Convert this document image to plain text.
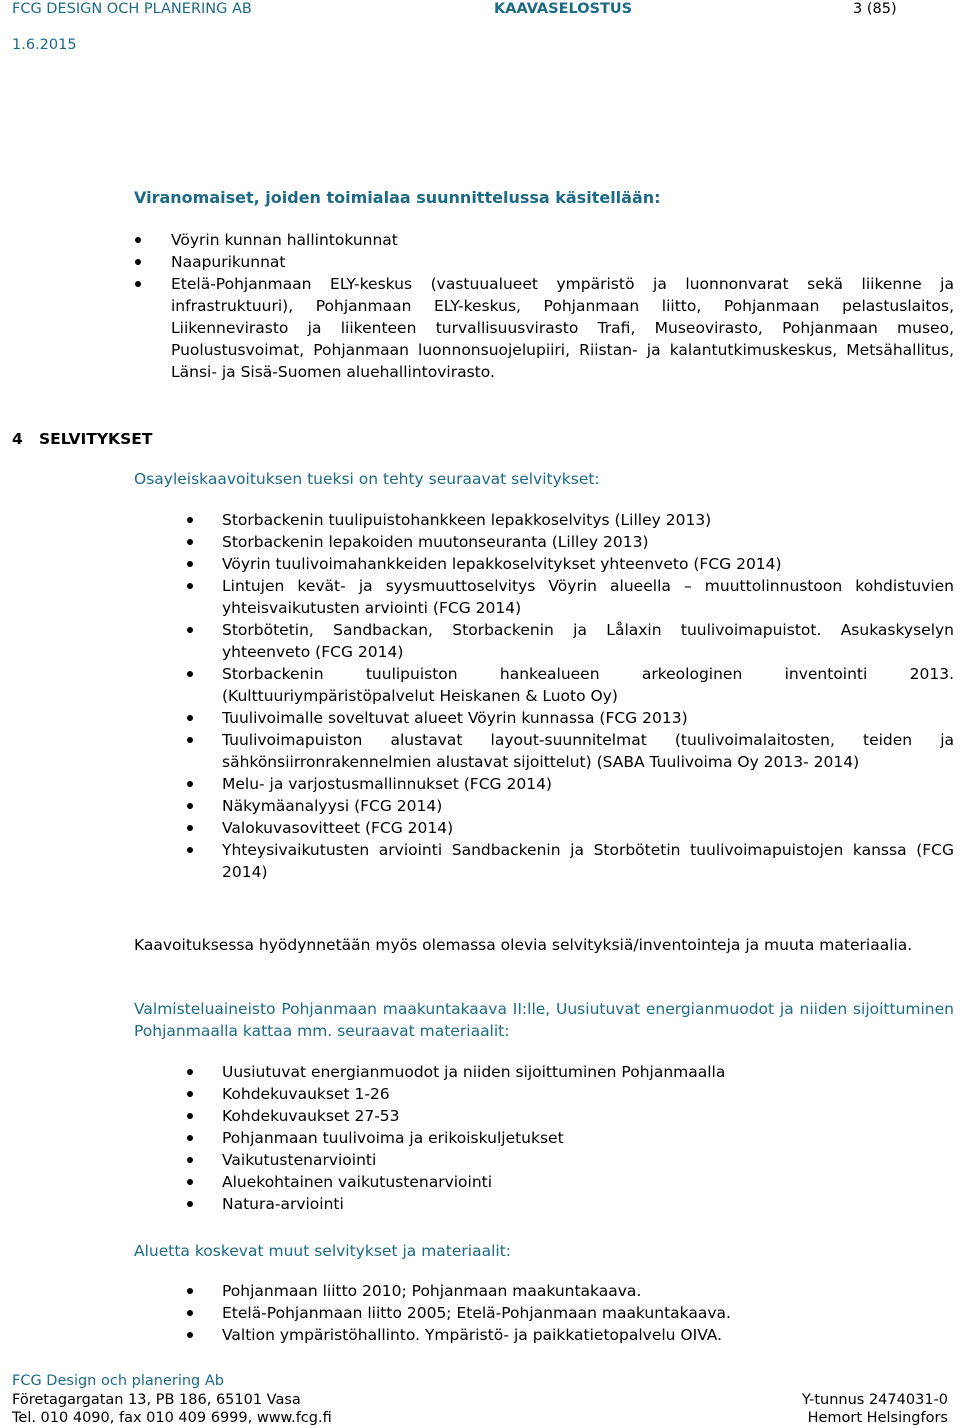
FCG DESIGN OCH PLANERING AB	KAAVASELOSTUS	3 (85)
1.6.2015
Viranomaiset, joiden toimialaa suunnittelussa käsitellään:
Vöyrin kunnan hallintokunnat
Naapurikunnat
Etelä-Pohjanmaan ELY-keskus (vastuualueet ympäristö ja luonnonvarat sekä liikenne ja infrastruktuuri), Pohjanmaan ELY-keskus, Pohjanmaan liitto, Pohjanmaan pelastuslaitos, Liikennevirasto ja liikenteen turvallisuusvirasto Trafi, Museovirasto, Pohjanmaan museo, Puolustusvoimat, Pohjanmaan luonnonsuojelupiiri, Riistan- ja kalantutkimuskeskus, Metsähallitus, Länsi- ja Sisä-Suomen aluehallintovirasto.
4 SELVITYKSET
Osayleiskaavoituksen tueksi on tehty seuraavat selvitykset:
Storbackenin tuulipuistohankkeen lepakkoselvitys (Lilley 2013)
Storbackenin lepakoiden muutonseuranta (Lilley 2013)
Vöyrin tuulivoimahankkeiden lepakkoselvitykset yhteenveto (FCG 2014)
Lintujen kevät- ja syysmuuttoselvitys Vöyrin alueella – muuttolinnustoon kohdistuvien yhteisvaikutusten arviointi (FCG 2014)
Storbötetin, Sandbackan, Storbackenin ja Lålaxin tuulivoimapuistot. Asukaskyselyn yhteenveto (FCG 2014)
Storbackenin tuulipuiston hankealueen arkeologinen inventointi 2013. (Kulttuuriympäristöpalvelut Heiskanen & Luoto Oy)
Tuulivoimalle soveltuvat alueet Vöyrin kunnassa (FCG 2013)
Tuulivoimapuiston alustavat layout-suunnitelmat (tuulivoimalaitosten, teiden ja sähkönsiirronrakennelmien alustavat sijoittelut) (SABA Tuulivoima Oy 2013- 2014)
Melu- ja varjostusmallinnukset (FCG 2014)
Näkymäanalyysi (FCG 2014)
Valokuvasovitteet (FCG 2014)
Yhteysivaikutusten arviointi Sandbackenin ja Storbötetin tuulivoimapuistojen kanssa (FCG 2014)

Kaavoituksessa hyödynnetään myös olemassa olevia selvityksiä/inventointeja ja muuta materiaalia.

Valmisteluaineisto Pohjanmaan maakuntakaava II:lle, Uusiutuvat energianmuodot ja niiden sijoittuminen Pohjanmaalla kattaa mm. seuraavat materiaalit:

Uusiutuvat energianmuodot ja niiden sijoittuminen Pohjanmaalla
Kohdekuvaukset 1-26
Kohdekuvaukset 27-53
Pohjanmaan tuulivoima ja erikoiskuljetukset
Vaikutustenarviointi
Aluekohtainen vaikutustenarviointi
Natura-arviointi
Aluetta koskevat muut selvitykset ja materiaalit:
Pohjanmaan liitto 2010; Pohjanmaan maakuntakaava.
Etelä-Pohjanmaan liitto 2005; Etelä-Pohjanmaan maakuntakaava.
Valtion ympäristöhallinto. Ympäristö- ja paikkatietopalvelu OIVA.
FCG Design och planering Ab
Företagargatan 13, PB 186, 65101 Vasa
Tel. 010 4090, fax 010 409 6999, www.fcg.fi
Y-tunnus 2474031-0
Hemort Helsingfors
